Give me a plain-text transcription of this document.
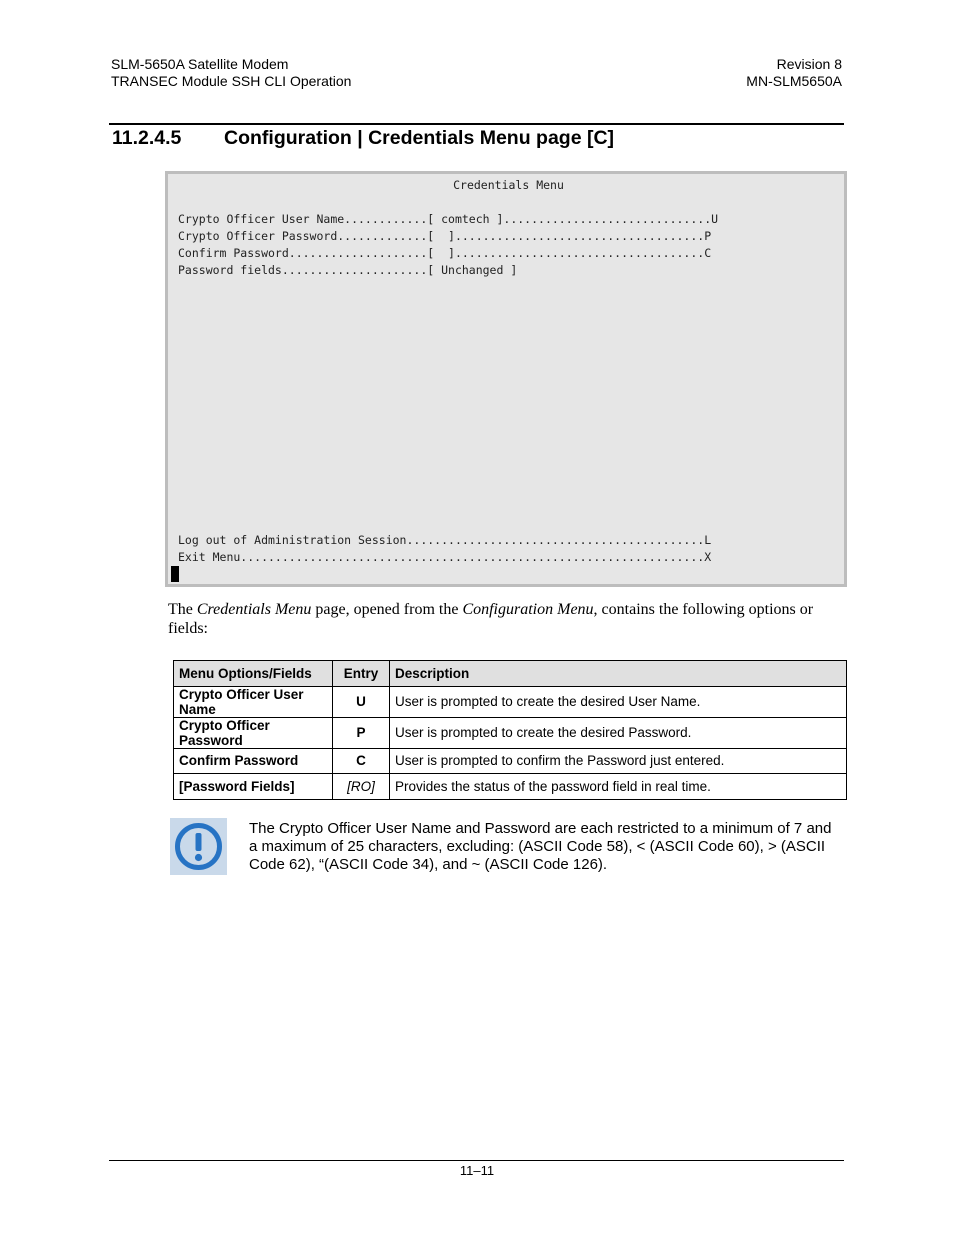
SLM-5650A Satellite Modem
TRANSEC Module SSH CLI Operation
Revision 8
MN-SLM5650A
11.2.4.5	Configuration | Credentials Menu page [C]
Credentials Menu
Crypto Officer User Name............[ comtech ]..............................U
Crypto Officer Password.............[  ]....................................P
Confirm Password....................[  ]....................................C
Password fields.....................[ Unchanged ]
Log out of Administration Session...........................................L
Exit Menu...................................................................X
The Credentials Menu page, opened from the Configuration Menu, contains the following options or fields:
Menu Options/Fields	Entry	Description
Crypto Officer User Name	U	User is prompted to create the desired User Name.
Crypto Officer Password	P	User is prompted to create the desired Password.
Confirm Password	C	User is prompted to confirm the Password just entered.
[Password Fields]	[RO]	Provides the status of the password field in real time.
The Crypto Officer User Name and Password are each restricted to a minimum of 7 and a maximum of 25 characters, excluding: (ASCII Code 58), < (ASCII Code 60), > (ASCII Code 62), “(ASCII Code 34), and ~ (ASCII Code 126).
11–11
